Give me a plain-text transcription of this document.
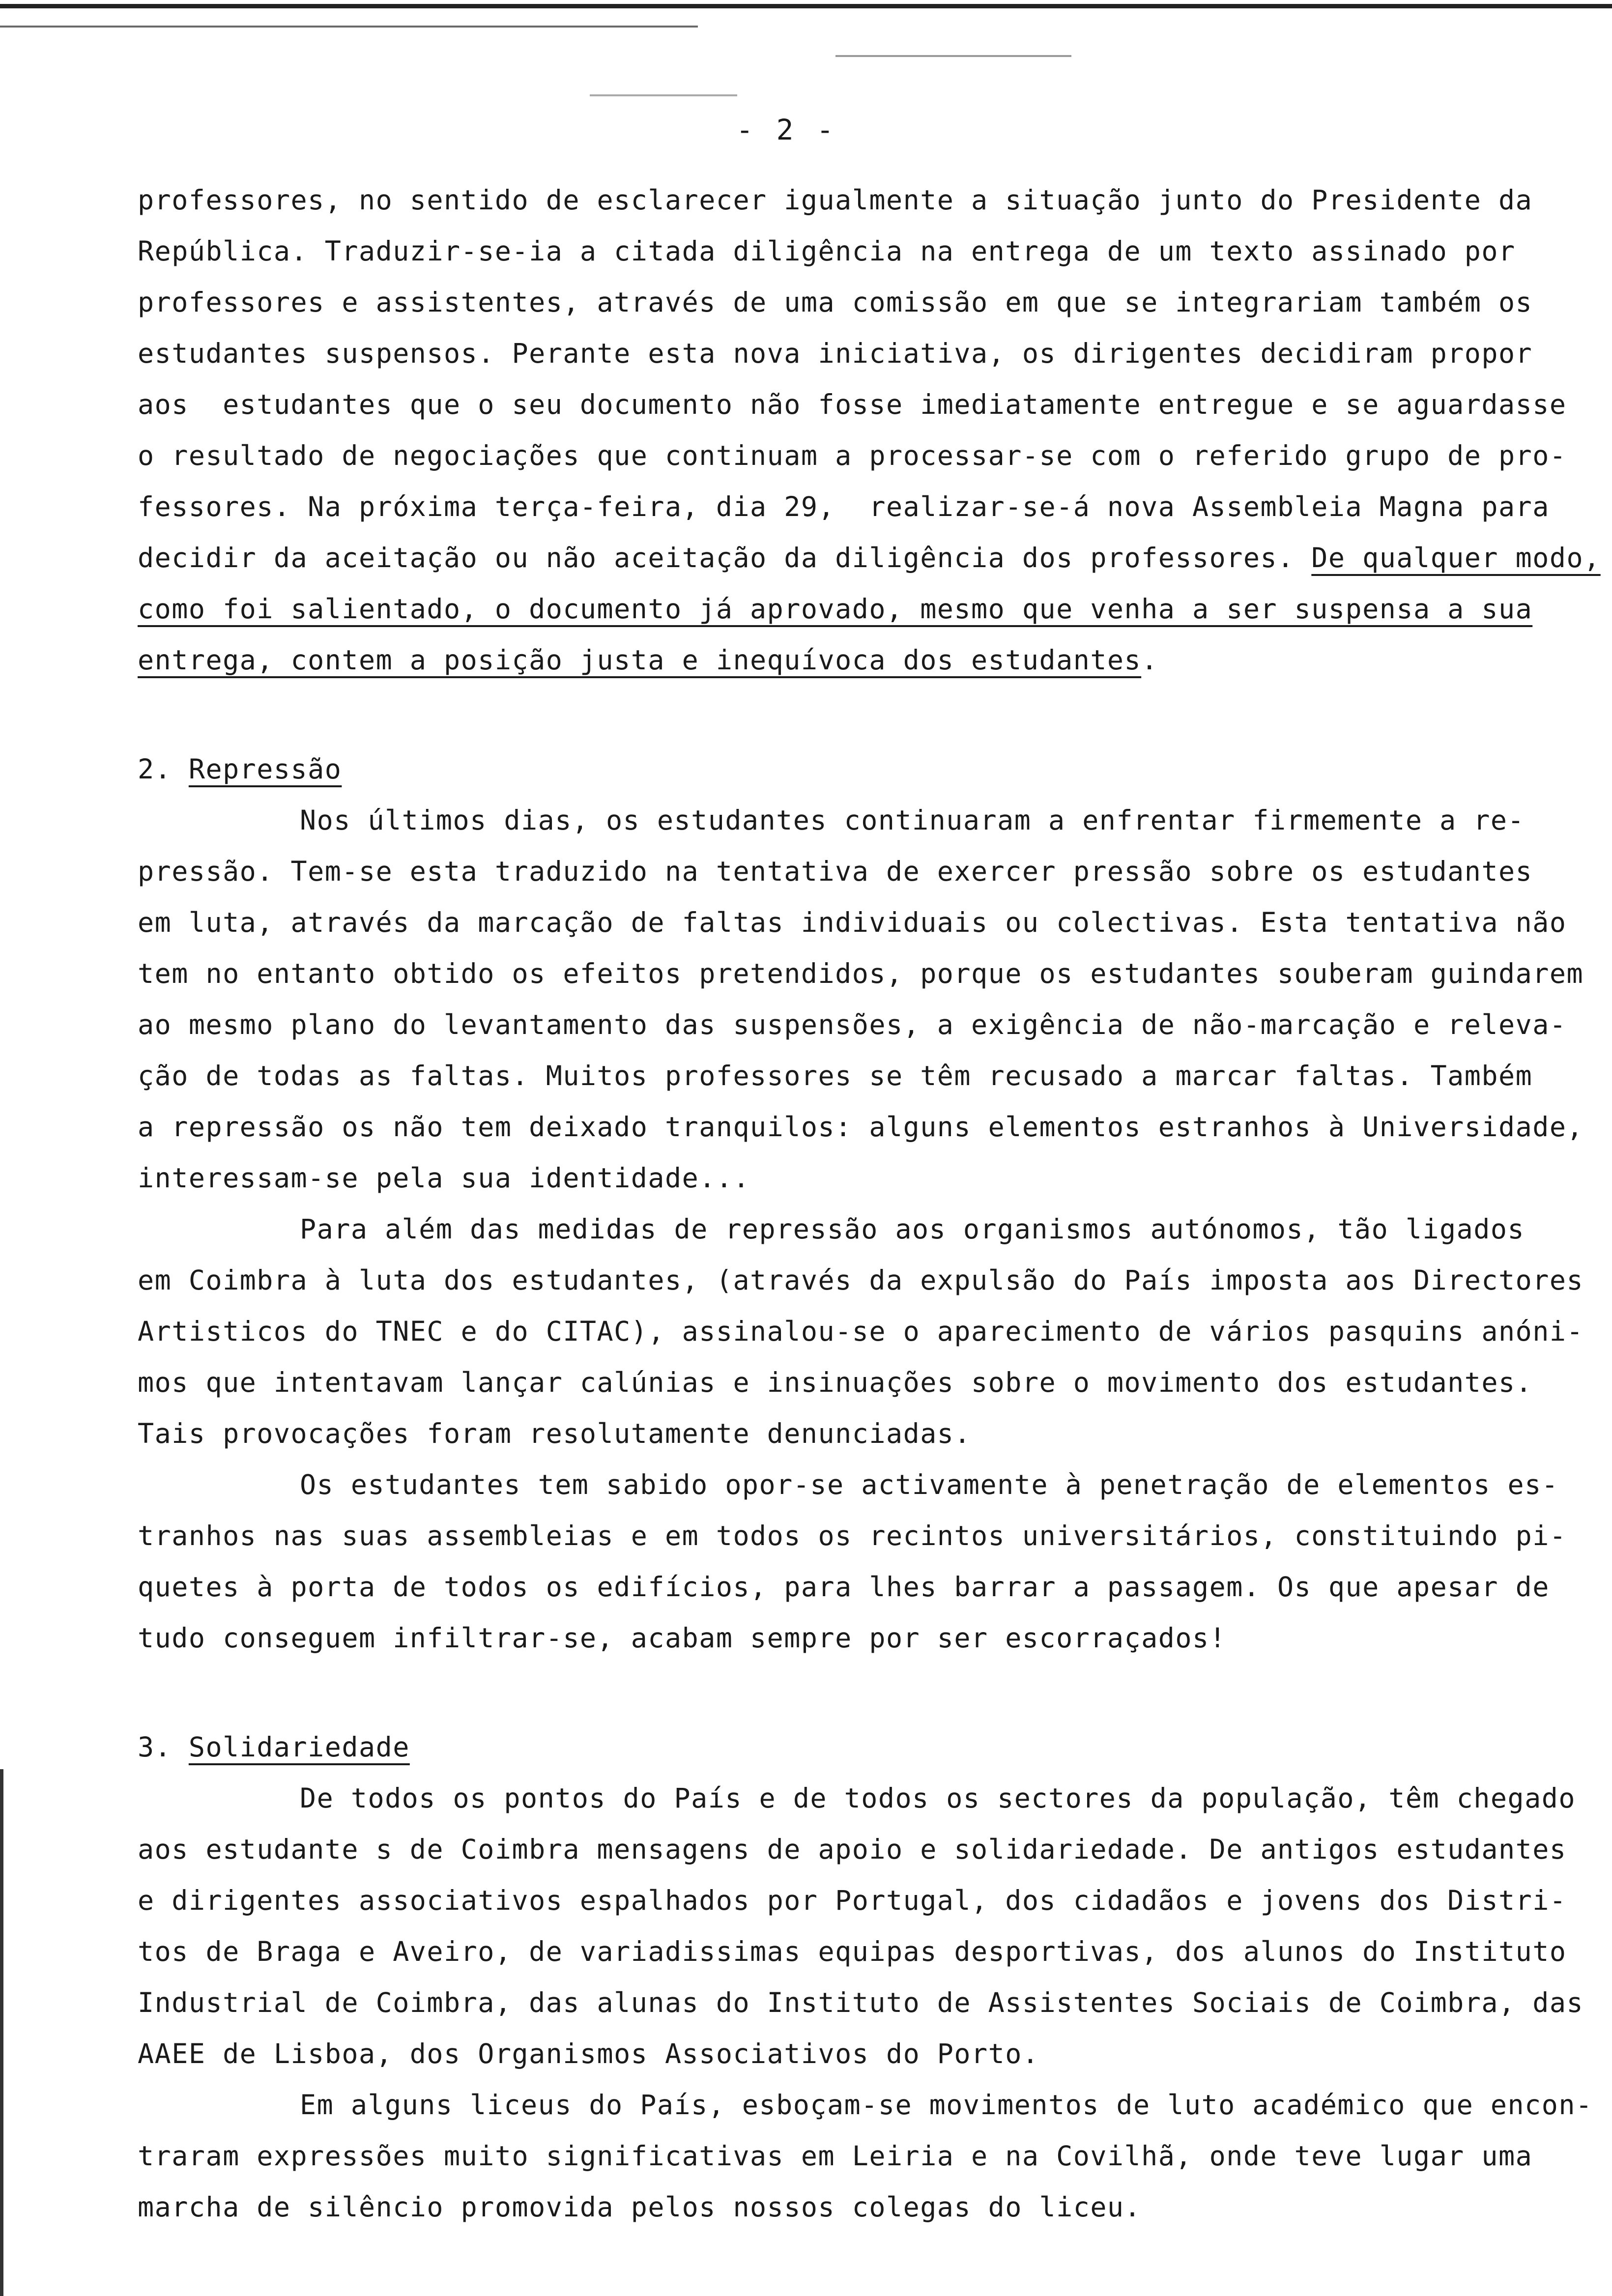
- 2 -
professores, no sentido de esclarecer igualmente a situação junto do Presidente da
República. Traduzir-se-ia a citada diligência na entrega de um texto assinado por
professores e assistentes, através de uma comissão em que se integrariam também os
estudantes suspensos. Perante esta nova iniciativa, os dirigentes decidiram propor
aos  estudantes que o seu documento não fosse imediatamente entregue e se aguardasse
o resultado de negociações que continuam a processar-se com o referido grupo de pro-
fessores. Na próxima terça-feira, dia 29,  realizar-se-á nova Assembleia Magna para
decidir da aceitação ou não aceitação da diligência dos professores. De qualquer modo,
como foi salientado, o documento já aprovado, mesmo que venha a ser suspensa a sua
entrega, contem a posição justa e inequívoca dos estudantes.
2. Repressão
Nos últimos dias, os estudantes continuaram a enfrentar firmemente a re-
pressão. Tem-se esta traduzido na tentativa de exercer pressão sobre os estudantes
em luta, através da marcação de faltas individuais ou colectivas. Esta tentativa não
tem no entanto obtido os efeitos pretendidos, porque os estudantes souberam guindarem
ao mesmo plano do levantamento das suspensões, a exigência de não-marcação e releva-
ção de todas as faltas. Muitos professores se têm recusado a marcar faltas. Também
a repressão os não tem deixado tranquilos: alguns elementos estranhos à Universidade,
interessam-se pela sua identidade...
Para além das medidas de repressão aos organismos autónomos, tão ligados
em Coimbra à luta dos estudantes, (através da expulsão do País imposta aos Directores
Artisticos do TNEC e do CITAC), assinalou-se o aparecimento de vários pasquins anóni-
mos que intentavam lançar calúnias e insinuações sobre o movimento dos estudantes.
Tais provocações foram resolutamente denunciadas.
Os estudantes tem sabido opor-se activamente à penetração de elementos es-
tranhos nas suas assembleias e em todos os recintos universitários, constituindo pi-
quetes à porta de todos os edifícios, para lhes barrar a passagem. Os que apesar de
tudo conseguem infiltrar-se, acabam sempre por ser escorraçados!
3. Solidariedade
De todos os pontos do País e de todos os sectores da população, têm chegado
aos estudante s de Coimbra mensagens de apoio e solidariedade. De antigos estudantes
e dirigentes associativos espalhados por Portugal, dos cidadãos e jovens dos Distri-
tos de Braga e Aveiro, de variadissimas equipas desportivas, dos alunos do Instituto
Industrial de Coimbra, das alunas do Instituto de Assistentes Sociais de Coimbra, das
AAEE de Lisboa, dos Organismos Associativos do Porto.
Em alguns liceus do País, esboçam-se movimentos de luto académico que encon-
traram expressões muito significativas em Leiria e na Covilhã, onde teve lugar uma
marcha de silêncio promovida pelos nossos colegas do liceu.
